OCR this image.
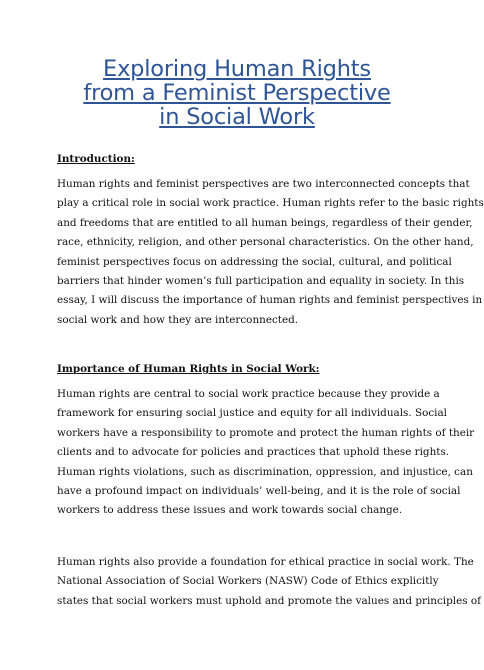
Exploring Human Rights
from a Feminist Perspective
in Social Work
Introduction:

Human rights and feminist perspectives are two interconnected concepts that
play a critical role in social work practice. Human rights refer to the basic rights
and freedoms that are entitled to all human beings, regardless of their gender,
race, ethnicity, religion, and other personal characteristics. On the other hand,
feminist perspectives focus on addressing the social, cultural, and political
barriers that hinder women’s full participation and equality in society. In this
essay, I will discuss the importance of human rights and feminist perspectives in
social work and how they are interconnected.

Importance of Human Rights in Social Work:

Human rights are central to social work practice because they provide a
framework for ensuring social justice and equity for all individuals. Social
workers have a responsibility to promote and protect the human rights of their
clients and to advocate for policies and practices that uphold these rights.
Human rights violations, such as discrimination, oppression, and injustice, can
have a profound impact on individuals’ well-being, and it is the role of social
workers to address these issues and work towards social change.

Human rights also provide a foundation for ethical practice in social work. The
National Association of Social Workers (NASW) Code of Ethics explicitly
states that social workers must uphold and promote the values and principles of
